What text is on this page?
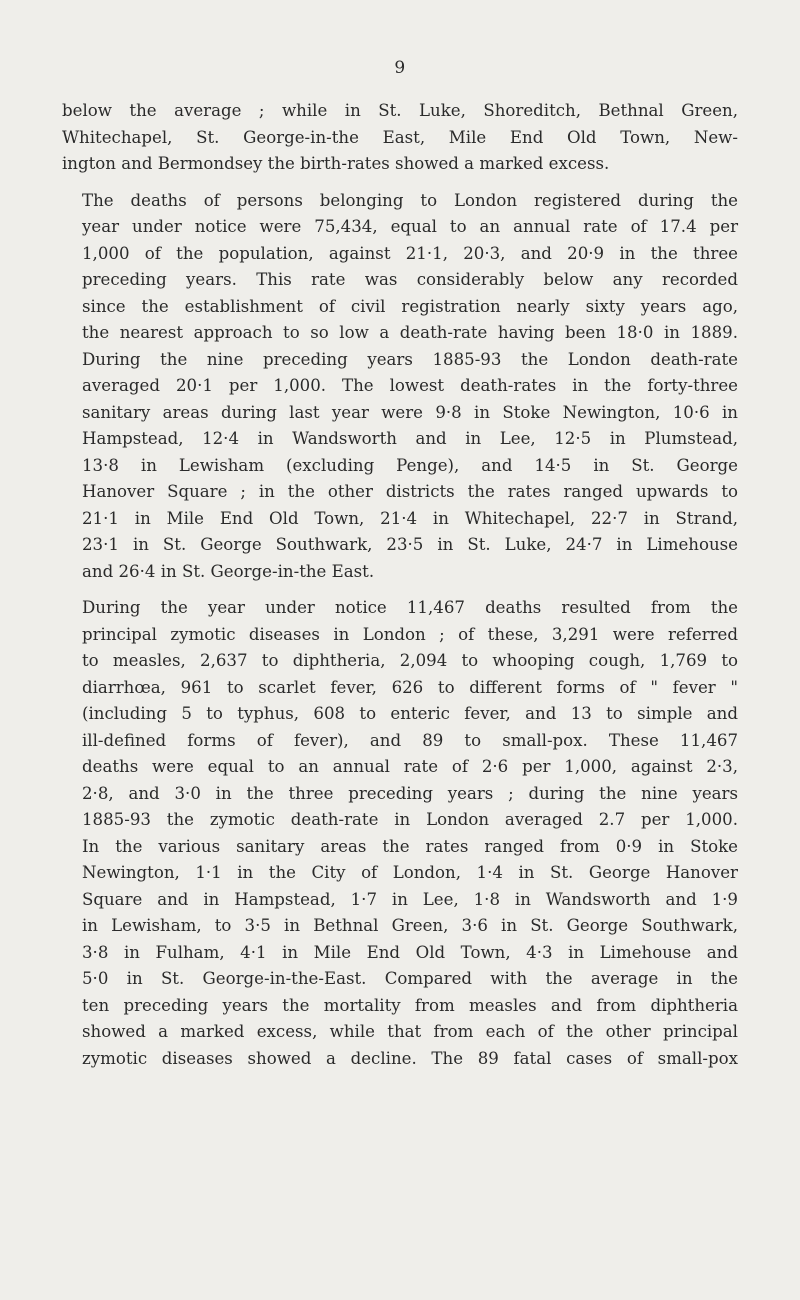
9

below the average ; while in St. Luke, Shoreditch, Bethnal Green,
Whitechapel, St. George-in-the East, Mile End Old Town, New-
ington and Bermondsey the birth-rates showed a marked excess.

The deaths of persons belonging to London registered during the
year under notice were 75,434, equal to an annual rate of 17.4 per
1,000 of the population, against 21·1, 20·3, and 20·9 in the three
preceding years. This rate was considerably below any recorded
since the establishment of civil registration nearly sixty years ago,
the nearest approach to so low a death-rate having been 18·0 in 1889.
During the nine preceding years 1885-93 the London death-rate
averaged 20·1 per 1,000. The lowest death-rates in the forty-three
sanitary areas during last year were 9·8 in Stoke Newington, 10·6 in
Hampstead, 12·4 in Wandsworth and in Lee, 12·5 in Plumstead,
13·8 in Lewisham (excluding Penge), and 14·5 in St. George
Hanover Square ; in the other districts the rates ranged upwards to
21·1 in Mile End Old Town, 21·4 in Whitechapel, 22·7 in Strand,
23·1 in St. George Southwark, 23·5 in St. Luke, 24·7 in Limehouse
and 26·4 in St. George-in-the East.

During the year under notice 11,467 deaths resulted from the
principal zymotic diseases in London ; of these, 3,291 were referred
to measles, 2,637 to diphtheria, 2,094 to whooping cough, 1,769 to
diarrhœa, 961 to scarlet fever, 626 to different forms of " fever "
(including 5 to typhus, 608 to enteric fever, and 13 to simple and
ill-defined forms of fever), and 89 to small-pox. These 11,467
deaths were equal to an annual rate of 2·6 per 1,000, against 2·3,
2·8, and 3·0 in the three preceding years ; during the nine years
1885-93 the zymotic death-rate in London averaged 2.7 per 1,000.
In the various sanitary areas the rates ranged from 0·9 in Stoke
Newington, 1·1 in the City of London, 1·4 in St. George Hanover
Square and in Hampstead, 1·7 in Lee, 1·8 in Wandsworth and 1·9
in Lewisham, to 3·5 in Bethnal Green, 3·6 in St. George Southwark,
3·8 in Fulham, 4·1 in Mile End Old Town, 4·3 in Limehouse and
5·0 in St. George-in-the-East. Compared with the average in the
ten preceding years the mortality from measles and from diphtheria
showed a marked excess, while that from each of the other principal
zymotic diseases showed a decline. The 89 fatal cases of small-pox
